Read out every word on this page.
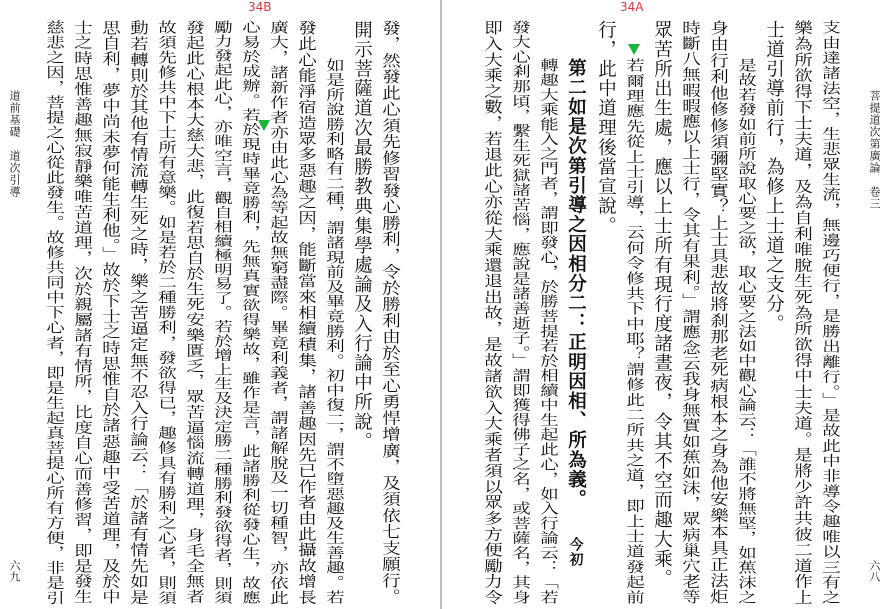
34B
發，然發此心須先修習發心勝利，令於勝利由於至心勇悍增廣，及須依七支願行。
開示菩薩道次最勝教典集學處論及入行論中所說。
如是所說勝利略有二種，謂諸現前及畢竟勝利。初中復二，謂不墮惡趣及生善趣。若
發此心能淨宿造眾多惡趣之因，能斷當來相續積集，諸善趣因先已作者由此攝故增長
廣大，諸新作者亦由此心為等起故無窮盡際。畢竟利義者，謂諸解脫及一切種智，亦依此
心易於成辦。若於現時畢竟勝利，先無真實欲得樂故，雖作是言，此諸勝利從發心生，故應
勵力發起此心，亦唯空言，觀自相續極明易了。若於增上生及決定勝二種勝利發欲得者，則須
發起此心根本大慈大悲，此復若思自於生死安樂匱乏，眾苦逼惱流轉道理，身毛全無者
故須先修共中下士所有意樂。如是若於二種勝利，發欲得已，趣修具有勝利之心者，則須
動若轉則於其他有情流轉生死之時，樂之苦逼定無不忍入行論云：「於諸有情先如是
思自利，夢中尚未夢何能生利他。」故於下士之時思惟自於諸惡趣中受苦道理，及於中
士之時思惟善趣無寂靜樂唯苦道理，次於親屬諸有情所，比度自心而善修習，即是發生
慈悲之因，菩提之心從此發生。故修共同中下心者，即是生起真菩提心所有方便，非是引
道前基礎　道次引導
六九
34A
菩提道次第廣論　卷三
六八
支由達諸法空，生悲眾生流，無邊巧便行，是勝出離行。」是故此中非導令趣唯以三有之
樂為所欲得下士夫道，及為自利唯脫生死為所欲得中士夫道。是將少許共彼二道作上
士道引導前行，為修上士道之支分。
是故若發如前所說取心要之欲，取心要之法如中觀心論云：「誰不將無堅，如蕉沫之
身由行利他修修須彌堅實？上士具悲故將刹那老死病根本之身為他安樂本具正法炬
時斷八無暇暇應以上士行，令其有果利。」謂應念云我身無實如蕉如沫，眾病巢穴老等
眾苦所出生處，應以上士所有現行度諸晝夜，令其不空而趣大乘。
若爾理應先從上士引導，云何令修共下中耶？謂修此二所共之道，即上士道發起前
行，此中道理後當宣說。
第二如是次第引導之因相分二：正明因相、所為義。今初
轉趣大乘能入之門者，謂即發心，於勝菩提若於相續中生起此心，如入行論云：「若
發大心剎那頃，繫生死獄諸苦惱，應說是諸善逝子。」謂即獲得佛子之名，或菩薩名，其身
即入大乘之數，若退此心亦從大乘還退出故，是故諸欲入大乘者須以眾多方便勵力令
